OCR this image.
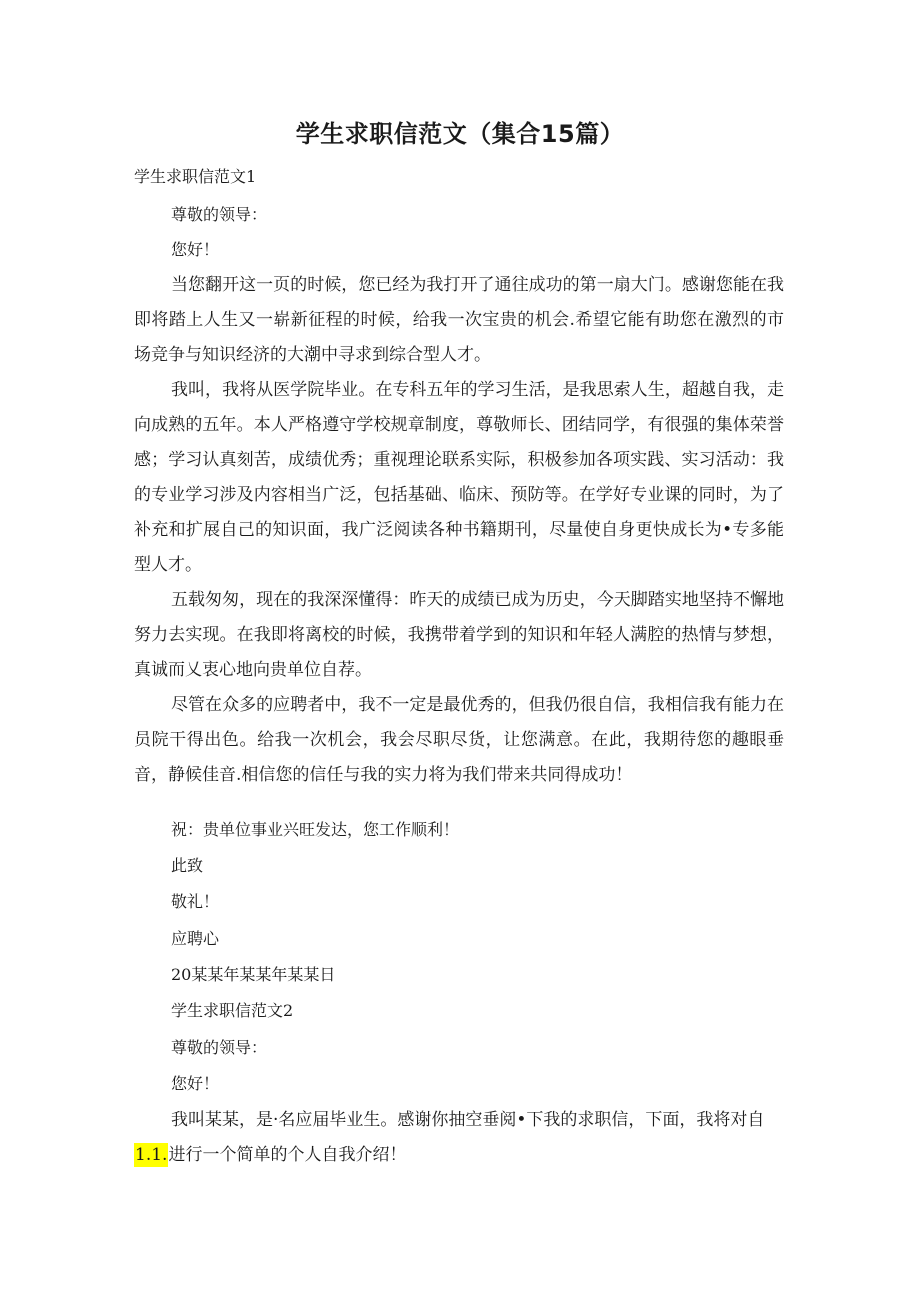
学生求职信范文（集合15篇）
学生求职信范文1
尊敬的领导：
您好！

当您翻开这一页的时候，您已经为我打开了通往成功的第一扇大门。感谢您能在我即将踏上人生又一崭新征程的时候，给我一次宝贵的机会.希望它能有助您在激烈的市场竞争与知识经济的大潮中寻求到综合型人才。

我叫，我将从医学院毕业。在专科五年的学习生活，是我思索人生，超越自我，走向成熟的五年。本人严格遵守学校规章制度，尊敬师长、团结同学，有很强的集体荣誉感；学习认真刻苦，成绩优秀；重视理论联系实际，积极参加各项实践、实习活动：我的专业学习涉及内容相当广泛，包括基础、临床、预防等。在学好专业课的同时，为了补充和扩展自己的知识面，我广泛阅读各种书籍期刊，尽量使自身更快成长为•专多能型人才。

五载匆匆，现在的我深深懂得：昨天的成绩已成为历史，今天脚踏实地坚持不懈地努力去实现。在我即将离校的时候，我携带着学到的知识和年轻人满腔的热情与梦想，真诚而乂衷心地向贵单位自荐。

尽管在众多的应聘者中，我不一定是最优秀的，但我仍很自信，我相信我有能力在员院干得出色。给我一次机会，我会尽职尽货，让您满意。在此，我期待您的趣眼垂音，静候佳音.相信您的信任与我的实力将为我们带来共同得成功！

祝：贵单位事业兴旺发达，您工作顺利！
此致
敬礼！
应聘心
20某某年某某年某某日
学生求职信范文2
尊敬的领导：
您好！
我叫某某，是·名应届毕业生。感谢你抽空垂阅•下我的求职信，下面，我将对自
1.1.进行一个简单的个人自我介绍！
